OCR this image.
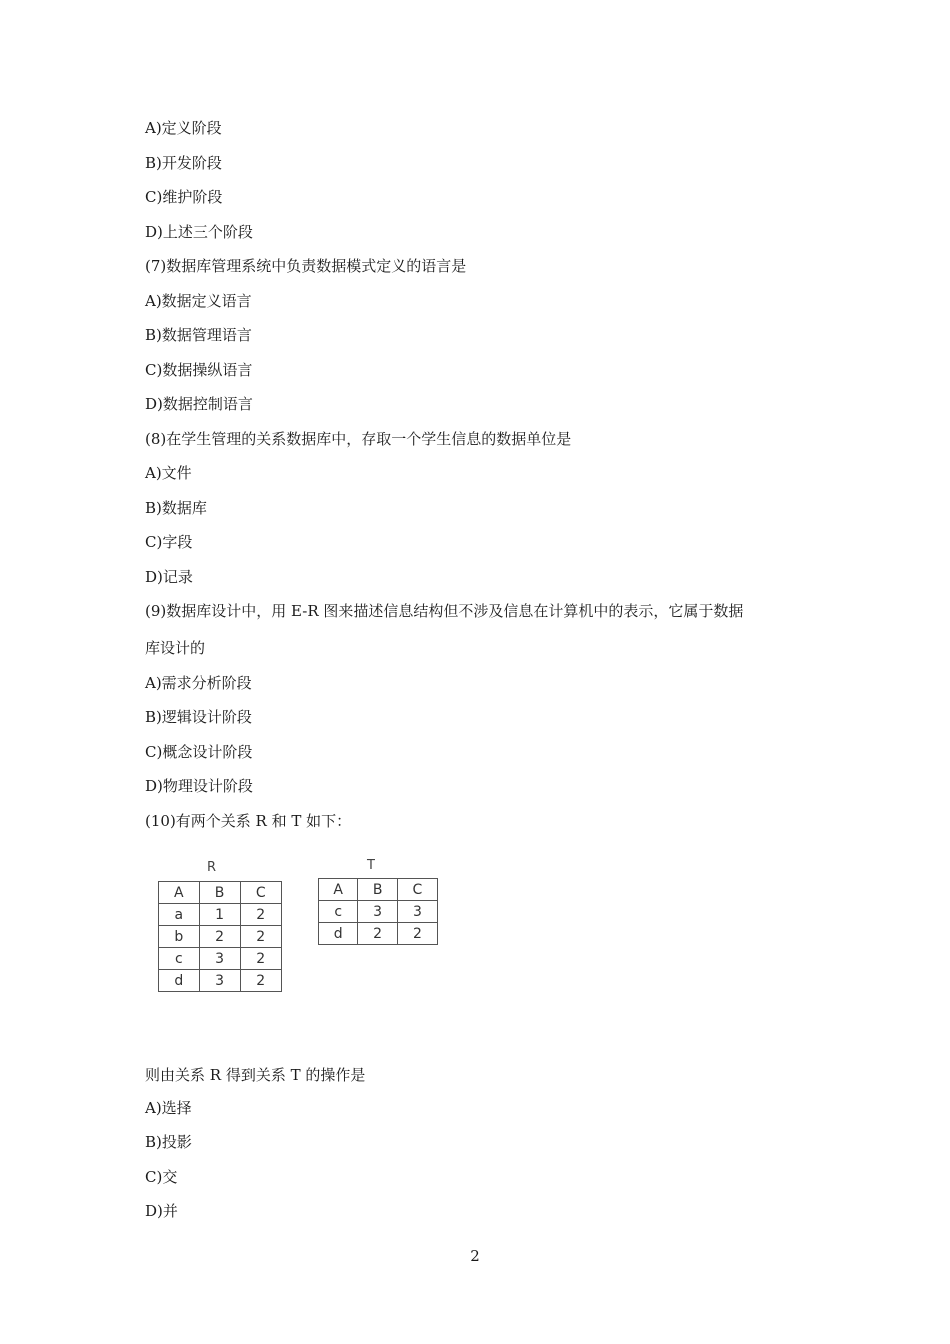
A)定义阶段
B)开发阶段
C)维护阶段
D)上述三个阶段
(7)数据库管理系统中负责数据模式定义的语言是
A)数据定义语言
B)数据管理语言
C)数据操纵语言
D)数据控制语言
(8)在学生管理的关系数据库中，存取一个学生信息的数据单位是
A)文件
B)数据库
C)字段
D)记录
(9)数据库设计中，用 E-R 图来描述信息结构但不涉及信息在计算机中的表示，它属于数据
库设计的
A)需求分析阶段
B)逻辑设计阶段
C)概念设计阶段
D)物理设计阶段
(10)有两个关系 R 和 T 如下：
R
A	B	C
a	1	2
b	2	2
c	3	2
d	3	2
T
A	B	C
c	3	3
d	2	2
则由关系 R 得到关系 T 的操作是
A)选择
B)投影
C)交
D)并
2
